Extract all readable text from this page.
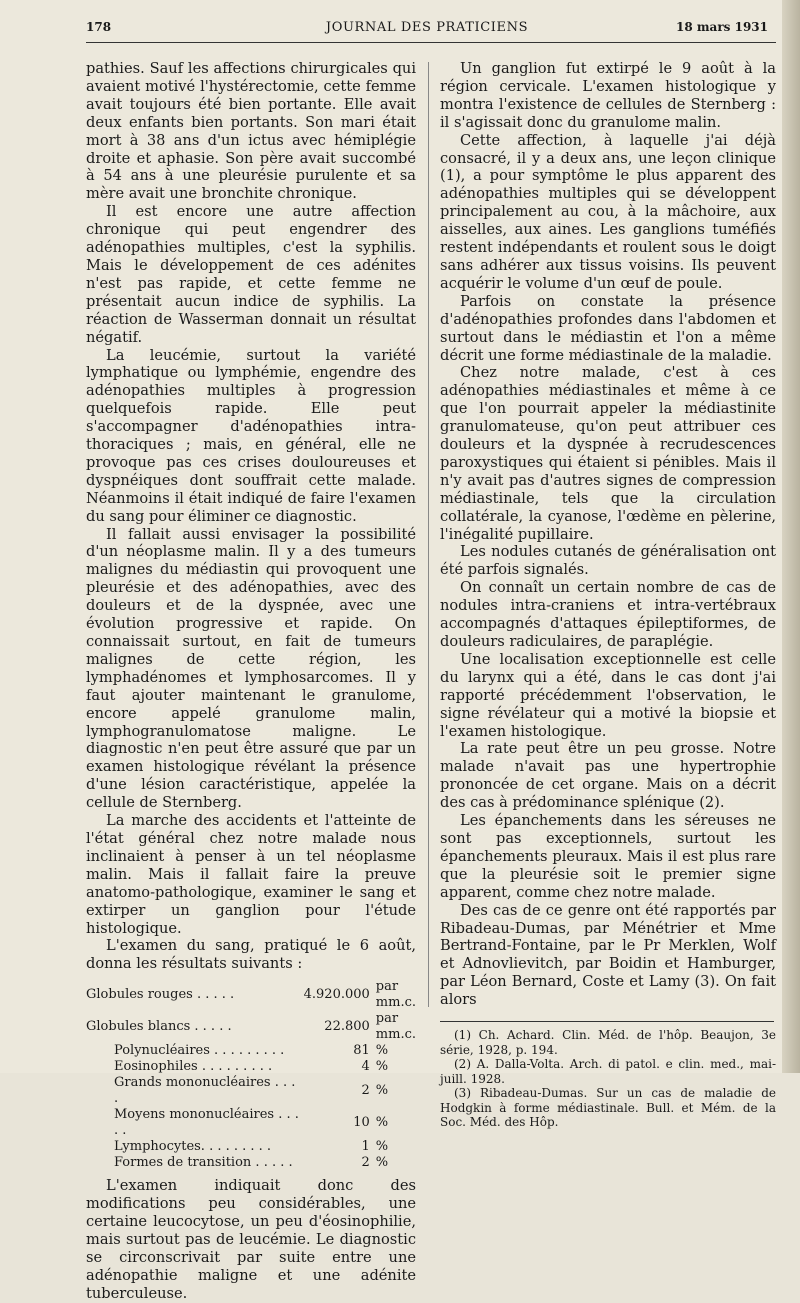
178	JOURNAL DES PRATICIENS	18 mars 1931

pathies. Sauf les affections chirurgicales qui avaient motivé l'hystérectomie, cette femme avait toujours été bien portante. Elle avait deux enfants bien portants. Son mari était mort à 38 ans d'un ictus avec hémiplégie droite et aphasie. Son père avait succombé à 54 ans à une pleurésie purulente et sa mère avait une bronchite chronique.

Il est encore une autre affection chronique qui peut engendrer des adénopathies multiples, c'est la syphilis. Mais le développement de ces adénites n'est pas rapide, et cette femme ne présentait aucun indice de syphilis. La réaction de Wasserman donnait un résultat négatif.

La leucémie, surtout la variété lymphatique ou lymphémie, engendre des adénopathies multiples à progression quelquefois rapide. Elle peut s'accompagner d'adénopathies intra-thoraciques ; mais, en général, elle ne provoque pas ces crises douloureuses et dyspnéiques dont souffrait cette malade. Néanmoins il était indiqué de faire l'examen du sang pour éliminer ce diagnostic.

Il fallait aussi envisager la possibilité d'un néoplasme malin. Il y a des tumeurs malignes du médiastin qui provoquent une pleurésie et des adénopathies, avec des douleurs et de la dyspnée, avec une évolution progressive et rapide. On connaissait surtout, en fait de tumeurs malignes de cette région, les lymphadénomes et lymphosarcomes. Il y faut ajouter maintenant le granulome, encore appelé granulome malin, lymphogranulomatose maligne. Le diagnostic n'en peut être assuré que par un examen histologique révélant la présence d'une lésion caractéristique, appelée la cellule de Sternberg.

La marche des accidents et l'atteinte de l'état général chez notre malade nous inclinaient à penser à un tel néoplasme malin. Mais il fallait faire la preuve anatomo-pathologique, examiner le sang et extirper un ganglion pour l'étude histologique.

L'examen du sang, pratiqué le 6 août, donna les résultats suivants :

Globules rouges . . . . .	4.920.000	par mm.c.
Globules blancs . . . . .	22.800	par mm.c.
Polynucléaires . . . . . . . . .	81	%
Eosinophiles . . . . . . . . .	4	%
Grands mononucléaires . . . .	2	%
Moyens mononucléaires . . . . .	10	%
Lymphocytes. . . . . . . . .	1	%
Formes de transition . . . . .	2	%

L'examen indiquait donc des modifications peu considérables, une certaine leucocytose, un peu d'éosinophilie, mais surtout pas de leucémie. Le diagnostic se circonscrivait par suite entre une adénopathie maligne et une adénite tuberculeuse.

Un ganglion fut extirpé le 9 août à la région cervicale. L'examen histologique y montra l'existence de cellules de Sternberg : il s'agissait donc du granulome malin.

Cette affection, à laquelle j'ai déjà consacré, il y a deux ans, une leçon clinique (1), a pour symptôme le plus apparent des adénopathies multiples qui se développent principalement au cou, à la mâchoire, aux aisselles, aux aines. Les ganglions tuméfiés restent indépendants et roulent sous le doigt sans adhérer aux tissus voisins. Ils peuvent acquérir le volume d'un œuf de poule.

Parfois on constate la présence d'adénopathies profondes dans l'abdomen et surtout dans le médiastin et l'on a même décrit une forme médiastinale de la maladie.

Chez notre malade, c'est à ces adénopathies médiastinales et même à ce que l'on pourrait appeler la médiastinite granulomateuse, qu'on peut attribuer ces douleurs et la dyspnée à recrudescences paroxystiques qui étaient si pénibles. Mais il n'y avait pas d'autres signes de compression médiastinale, tels que la circulation collatérale, la cyanose, l'œdème en pèlerine, l'inégalité pupillaire.

Les nodules cutanés de généralisation ont été parfois signalés.

On connaît un certain nombre de cas de nodules intra-craniens et intra-vertébraux accompagnés d'attaques épileptiformes, de douleurs radiculaires, de paraplégie.

Une localisation exceptionnelle est celle du larynx qui a été, dans le cas dont j'ai rapporté précédemment l'observation, le signe révélateur qui a motivé la biopsie et l'examen histologique.

La rate peut être un peu grosse. Notre malade n'avait pas une hypertrophie prononcée de cet organe. Mais on a décrit des cas à prédominance splénique (2).

Les épanchements dans les séreuses ne sont pas exceptionnels, surtout les épanchements pleuraux. Mais il est plus rare que la pleurésie soit le premier signe apparent, comme chez notre malade.

Des cas de ce genre ont été rapportés par Ribadeau-Dumas, par Ménétrier et Mme Bertrand-Fontaine, par le Pr Merklen, Wolf et Adnovlievitch, par Boidin et Hamburger, par Léon Bernard, Coste et Lamy (3). On fait alors

(1) Ch. Achard. Clin. Méd. de l'hôp. Beaujon, 3e série, 1928, p. 194.

(2) A. Dalla-Volta. Arch. di patol. e clin. med., mai-juill. 1928.

(3) Ribadeau-Dumas. Sur un cas de maladie de Hodgkin à forme médiastinale. Bull. et Mém. de la Soc. Méd. des Hôp.
